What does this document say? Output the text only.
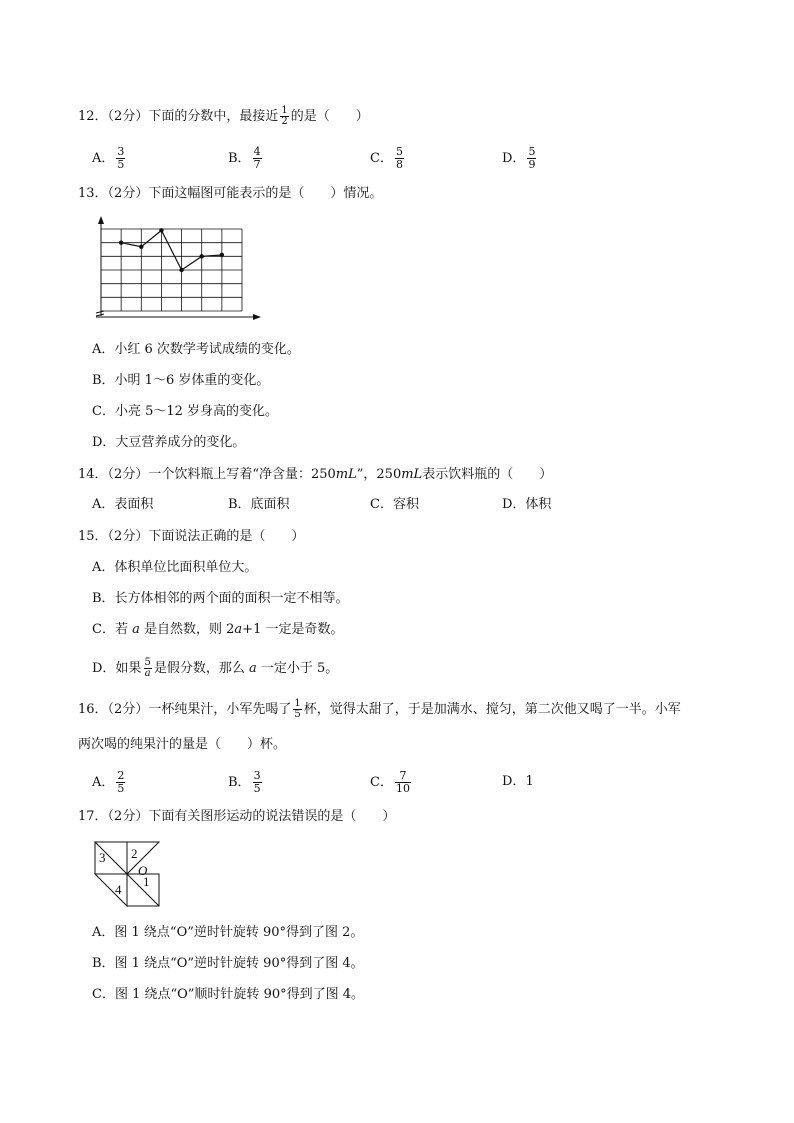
12．（2分）下面的分数中，最接近 $\frac{1}{2}$ 的是（　　）
A． $\frac{3}{5}$	B． $\frac{4}{7}$	C． $\frac{5}{8}$	D． $\frac{5}{9}$
13．（2分）下面这幅图可能表示的是（　　）情况。
A．小红 6 次数学考试成绩的变化。
B．小明 1～6 岁体重的变化。
C．小亮 5～12 岁身高的变化。
D．大豆营养成分的变化。
14．（2分）一个饮料瓶上写着“净含量：250mL”，250mL表示饮料瓶的（　　）
A．表面积	B．底面积	C．容积	D．体积
15．（2分）下面说法正确的是（　　）
A．体积单位比面积单位大。
B．长方体相邻的两个面的面积一定不相等。
C．若 a 是自然数，则 2a+1 一定是奇数。
D．如果 $\frac{5}{a}$ 是假分数，那么 a 一定小于 5。
16．（2分）一杯纯果汁，小军先喝了 $\frac{1}{5}$ 杯，觉得太甜了，于是加满水、搅匀，第二次他又喝了一半。小军
两次喝的纯果汁的量是（　　）杯。
A． $\frac{2}{5}$	B． $\frac{3}{5}$	C． $\frac{7}{10}$	D．1
17．（2分）下面有关图形运动的说法错误的是（　　）
3 2
O
4
1
A．图 1 绕点“O”逆时针旋转 90°得到了图 2。
B．图 1 绕点“O”逆时针旋转 90°得到了图 4。
C．图 1 绕点“O”顺时针旋转 90°得到了图 4。
